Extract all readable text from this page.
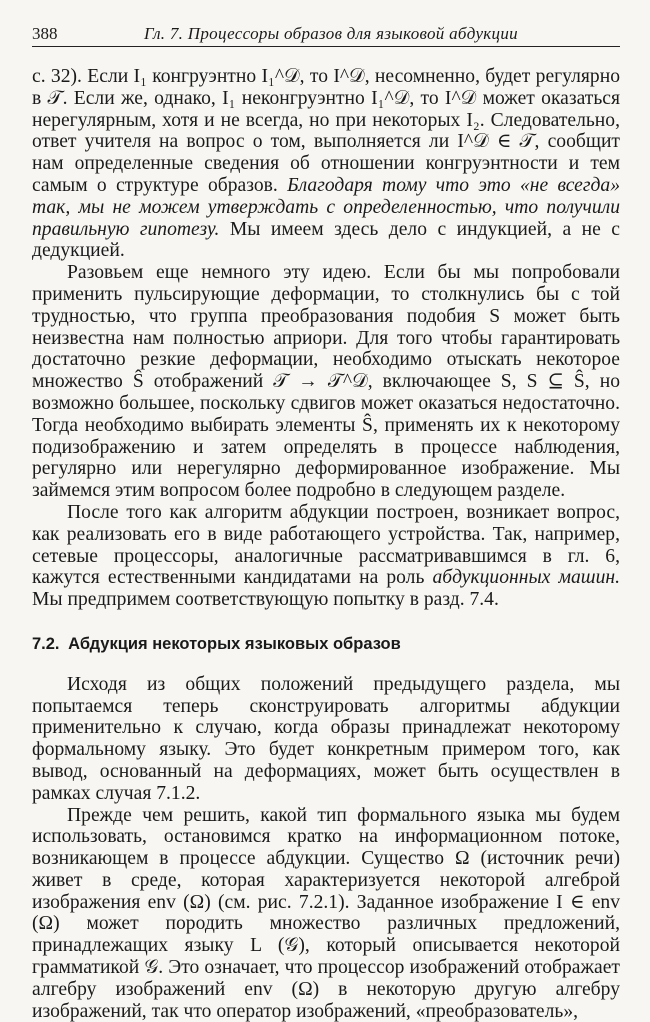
388	Гл. 7. Процессоры образов для языковой абдукции

с. 32). Если I₁ конгруэнтно I₁^𝒟, то I^𝒟, несомненно, будет регулярно в 𝒯. Если же, однако, I₁ неконгруэнтно I₁^𝒟, то I^𝒟 может оказаться нерегулярным, хотя и не всегда, но при некоторых I₂. Следовательно, ответ учителя на вопрос о том, выполняется ли I^𝒟 ∈ 𝒯, сообщит нам определенные сведения об отношении конгруэнтности и тем самым о структуре образов. Благодаря тому что это «не всегда» так, мы не можем утверждать с определенностью, что получили правильную гипотезу. Мы имеем здесь дело с индукцией, а не с дедукцией.

Разовьем еще немного эту идею. Если бы мы попробовали применить пульсирующие деформации, то столкнулись бы с той трудностью, что группа преобразования подобия S может быть неизвестна нам полностью априори. Для того чтобы гарантировать достаточно резкие деформации, необходимо отыскать некоторое множество Ŝ отображений 𝒯 → 𝒯^𝒟, включающее S, S ⊆ Ŝ, но возможно большее, поскольку сдвигов может оказаться недостаточно. Тогда необходимо выбирать элементы Ŝ, применять их к некоторому подизображению и затем определять в процессе наблюдения, регулярно или нерегулярно деформированное изображение. Мы займемся этим вопросом более подробно в следующем разделе.

После того как алгоритм абдукции построен, возникает вопрос, как реализовать его в виде работающего устройства. Так, например, сетевые процессоры, аналогичные рассматривавшимся в гл. 6, кажутся естественными кандидатами на роль абдукционных машин. Мы предпримем соответствующую попытку в разд. 7.4.

7.2. Абдукция некоторых языковых образов

Исходя из общих положений предыдущего раздела, мы попытаемся теперь сконструировать алгоритмы абдукции применительно к случаю, когда образы принадлежат некоторому формальному языку. Это будет конкретным примером того, как вывод, основанный на деформациях, может быть осуществлен в рамках случая 7.1.2.

Прежде чем решить, какой тип формального языка мы будем использовать, остановимся кратко на информационном потоке, возникающем в процессе абдукции. Существо Ω (источник речи) живет в среде, которая характеризуется некоторой алгеброй изображения env (Ω) (см. рис. 7.2.1). Заданное изображение I ∈ env (Ω) может породить множество различных предложений, принадлежащих языку L (𝒢), который описывается некоторой грамматикой 𝒢. Это означает, что процессор изображений отображает алгебру изображений env (Ω) в некоторую другую алгебру изображений, так что оператор изображений, «преобразователь»,
